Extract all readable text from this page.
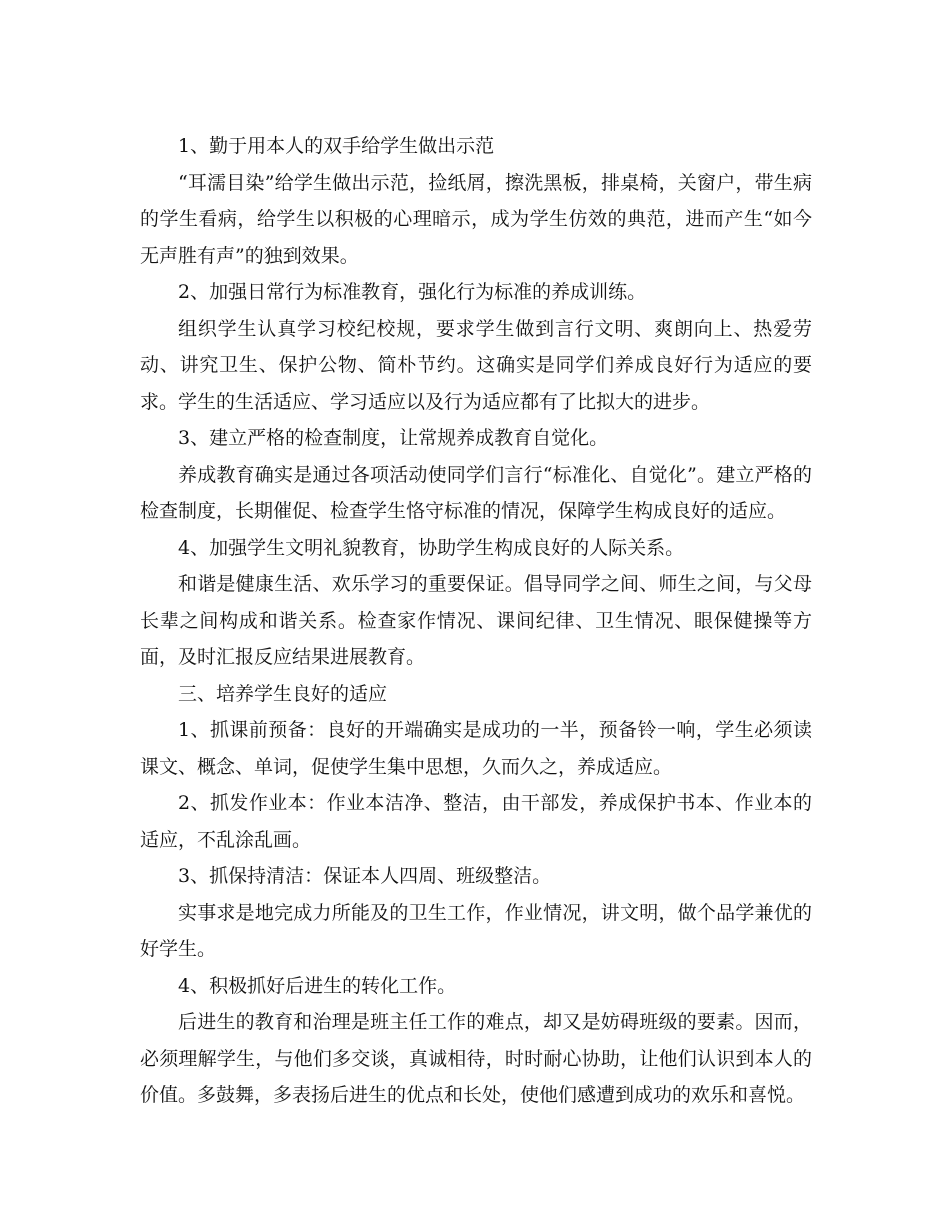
1、勤于用本人的双手给学生做出示范

“耳濡目染”给学生做出示范，捡纸屑，擦洗黑板，排桌椅，关窗户，带生病的学生看病，给学生以积极的心理暗示，成为学生仿效的典范，进而产生“如今无声胜有声”的独到效果。

2、加强日常行为标准教育，强化行为标准的养成训练。

组织学生认真学习校纪校规，要求学生做到言行文明、爽朗向上、热爱劳动、讲究卫生、保护公物、简朴节约。这确实是同学们养成良好行为适应的要求。学生的生活适应、学习适应以及行为适应都有了比拟大的进步。

3、建立严格的检查制度，让常规养成教育自觉化。

养成教育确实是通过各项活动使同学们言行“标准化、自觉化”。建立严格的检查制度，长期催促、检查学生恪守标准的情况，保障学生构成良好的适应。

4、加强学生文明礼貌教育，协助学生构成良好的人际关系。

和谐是健康生活、欢乐学习的重要保证。倡导同学之间、师生之间，与父母长辈之间构成和谐关系。检查家作情况、课间纪律、卫生情况、眼保健操等方面，及时汇报反应结果进展教育。

三、培养学生良好的适应

1、抓课前预备：良好的开端确实是成功的一半，预备铃一响，学生必须读课文、概念、单词，促使学生集中思想，久而久之，养成适应。

2、抓发作业本：作业本洁净、整洁，由干部发，养成保护书本、作业本的适应，不乱涂乱画。

3、抓保持清洁：保证本人四周、班级整洁。

实事求是地完成力所能及的卫生工作，作业情况，讲文明，做个品学兼优的好学生。

4、积极抓好后进生的转化工作。

后进生的教育和治理是班主任工作的难点，却又是妨碍班级的要素。因而，必须理解学生，与他们多交谈，真诚相待，时时耐心协助，让他们认识到本人的价值。多鼓舞，多表扬后进生的优点和长处，使他们感遭到成功的欢乐和喜悦。
